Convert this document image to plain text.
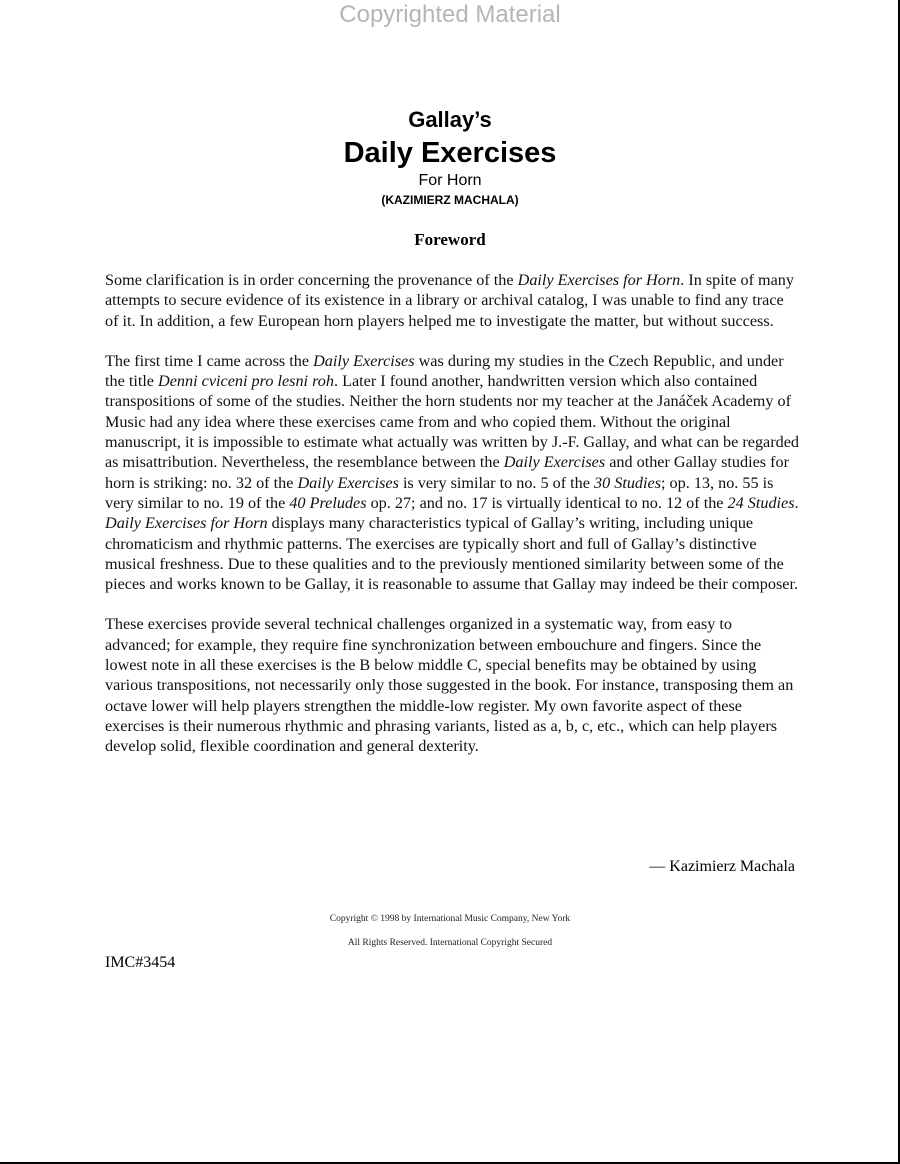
Copyrighted Material
Gallay’s
Daily Exercises
For Horn
(KAZIMIERZ MACHALA)
Foreword

Some clarification is in order concerning the provenance of the Daily Exercises for Horn. In spite of many attempts to secure evidence of its existence in a library or archival catalog, I was unable to find any trace of it. In addition, a few European horn players helped me to investigate the matter, but without success.

The first time I came across the Daily Exercises was during my studies in the Czech Republic, and under the title Denni cviceni pro lesni roh. Later I found another, handwritten version which also contained transpositions of some of the studies. Neither the horn students nor my teacher at the Janáček Academy of Music had any idea where these exercises came from and who copied them. Without the original manuscript, it is impossible to estimate what actually was written by J.-F. Gallay, and what can be regarded as misattribution. Nevertheless, the resemblance between the Daily Exercises and other Gallay studies for horn is striking: no. 32 of the Daily Exercises is very similar to no. 5 of the 30 Studies; op. 13, no. 55 is very similar to no. 19 of the 40 Preludes op. 27; and no. 17 is virtually identical to no. 12 of the 24 Studies. Daily Exercises for Horn displays many characteristics typical of Gallay’s writing, including unique chromaticism and rhythmic patterns. The exercises are typically short and full of Gallay’s distinctive musical freshness. Due to these qualities and to the previously mentioned similarity between some of the pieces and works known to be Gallay, it is reasonable to assume that Gallay may indeed be their composer.

These exercises provide several technical challenges organized in a systematic way, from easy to advanced; for example, they require fine synchronization between embouchure and fingers. Since the lowest note in all these exercises is the B below middle C, special benefits may be obtained by using various transpositions, not necessarily only those suggested in the book. For instance, transposing them an octave lower will help players strengthen the middle-low register. My own favorite aspect of these exercises is their numerous rhythmic and phrasing variants, listed as a, b, c, etc., which can help players develop solid, flexible coordination and general dexterity.

— Kazimierz Machala
Copyright © 1998 by International Music Company, New York
All Rights Reserved. International Copyright Secured
IMC#3454
